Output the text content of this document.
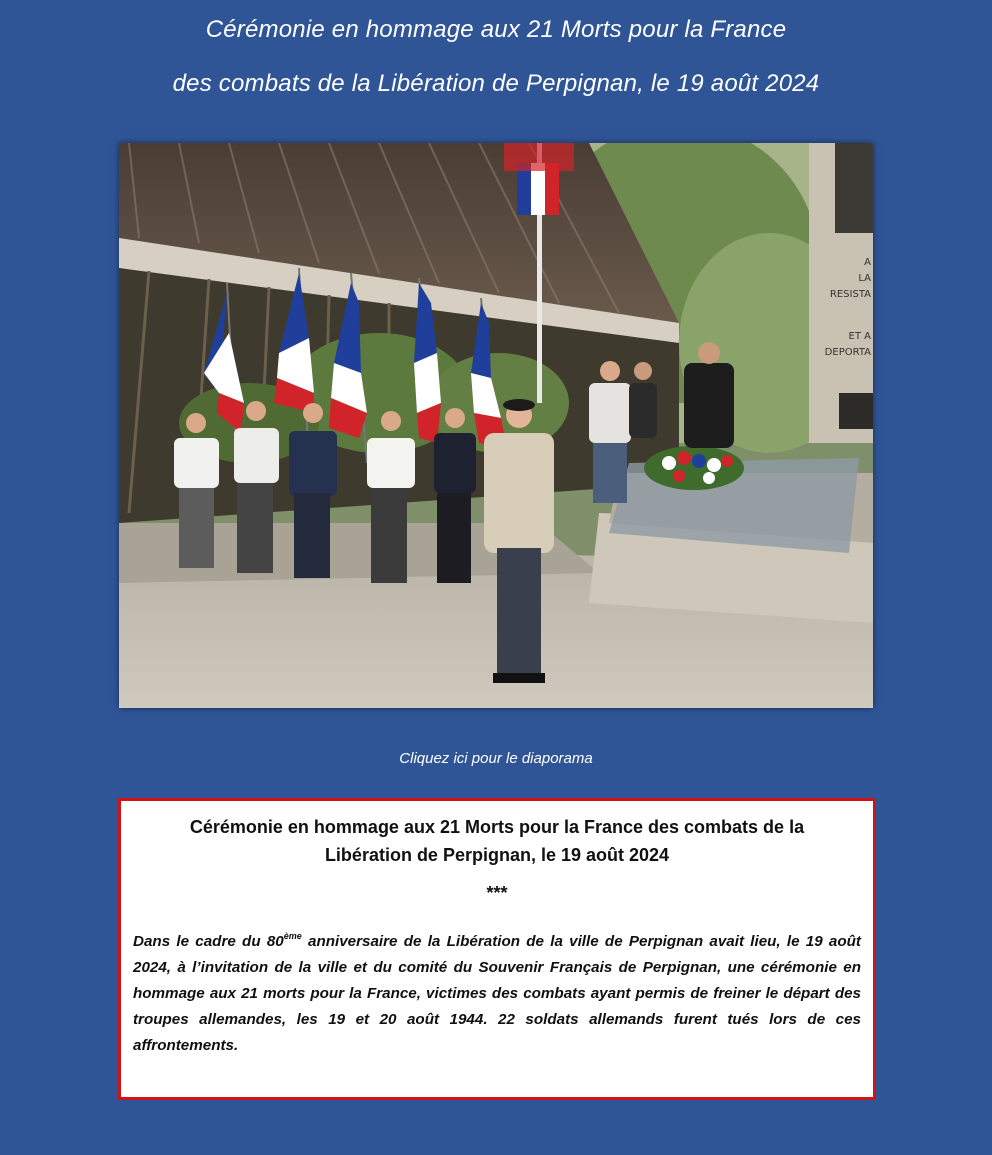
Cérémonie en hommage aux 21 Morts pour la France
des combats de la Libération de Perpignan, le 19 août 2024
A
LA
RESISTA
ET A
DEPORTA
Cliquez ici pour le diaporama
Cérémonie en hommage aux 21 Morts pour la France des combats de la
Libération de Perpignan, le 19 août 2024
***
Dans le cadre du 80ème anniversaire de la Libération de la ville de Perpignan avait lieu, le 19 août 2024, à l’invitation de la ville et du comité du Souvenir Français de Perpignan, une cérémonie en hommage aux 21 morts pour la France, victimes des combats ayant permis de freiner le départ des troupes allemandes, les 19 et 20 août 1944. 22 soldats allemands furent tués lors de ces affrontements.
